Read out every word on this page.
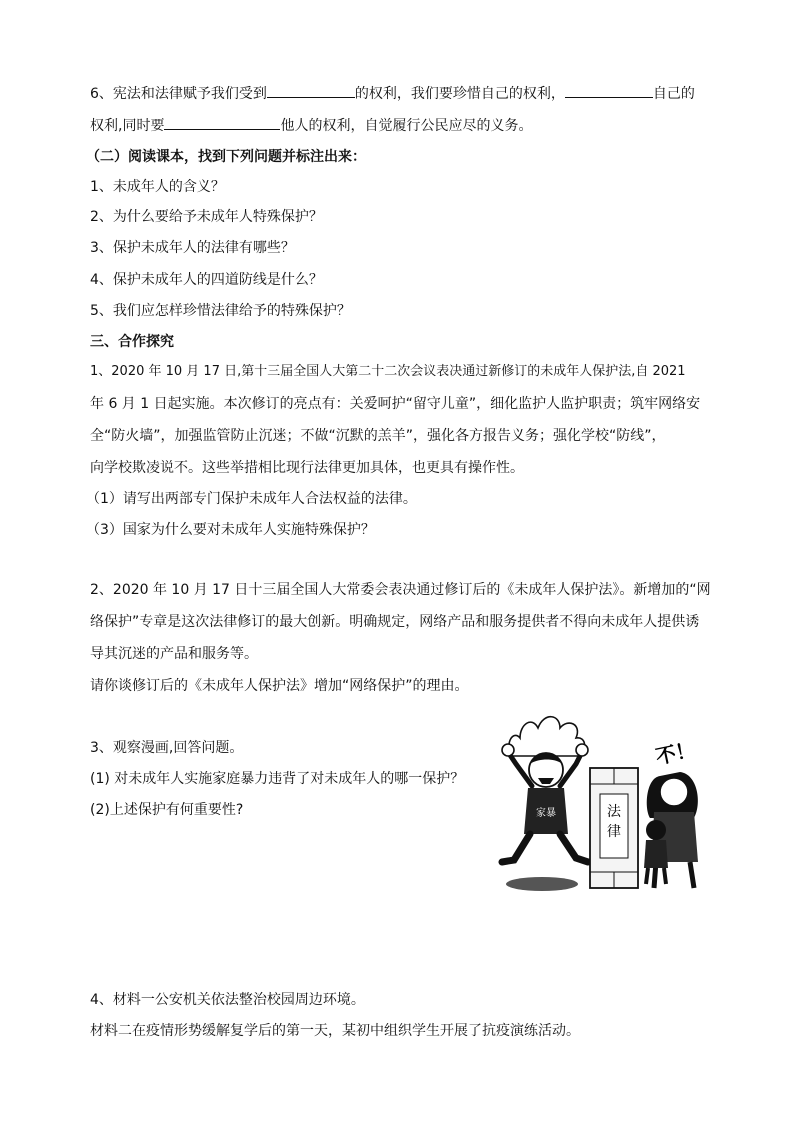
6、宪法和法律赋予我们受到	的权利，我们要珍惜自己的权利，	自己的
权利,同时要	他人的权利，自觉履行公民应尽的义务。
（二）阅读课本，找到下列问题并标注出来：
1、未成年人的含义？
2、为什么要给予未成年人特殊保护？
3、保护未成年人的法律有哪些？
4、保护未成年人的四道防线是什么？
5、我们应怎样珍惜法律给予的特殊保护？
三、合作探究
1、2020 年 10 月 17 日,第十三届全国人大第二十二次会议表决通过新修订的未成年人保护法,自 2021
年 6 月 1 日起实施。本次修订的亮点有：关爱呵护“留守儿童”，细化监护人监护职责；筑牢网络安
全“防火墙”，加强监管防止沉迷；不做“沉默的羔羊”，强化各方报告义务；强化学校“防线”，
向学校欺凌说不。这些举措相比现行法律更加具体，也更具有操作性。
（1）请写出两部专门保护未成年人合法权益的法律。
（3）国家为什么要对未成年人实施特殊保护？
2、2020 年 10 月 17 日十三届全国人大常委会表决通过修订后的《未成年人保护法》。新增加的“网
络保护”专章是这次法律修订的最大创新。明确规定，网络产品和服务提供者不得向未成年人提供诱
导其沉迷的产品和服务等。
请你谈修订后的《未成年人保护法》增加“网络保护”的理由。
3、观察漫画,回答问题。
(1) 对未成年人实施家庭暴力违背了对未成年人的哪一保护？
(2)上述保护有何重要性?	家暴	法
律
不！
4、材料一公安机关依法整治校园周边环境。
材料二在疫情形势缓解复学后的第一天，某初中组织学生开展了抗疫演练活动。
